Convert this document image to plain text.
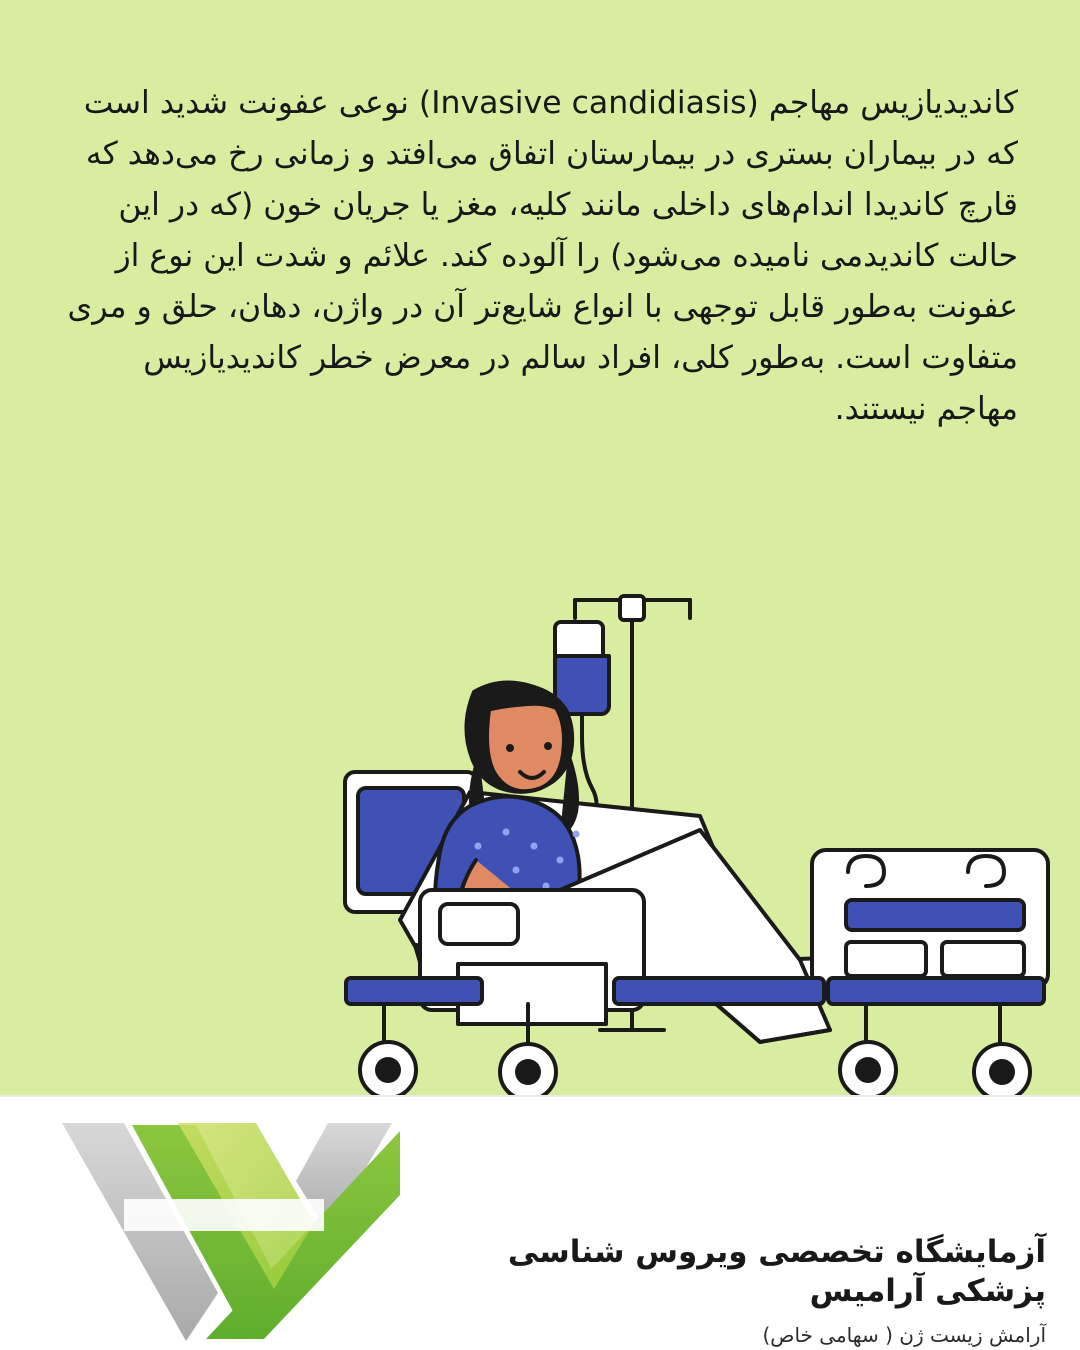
کاندیدیازیس مهاجم (Invasive candidiasis) نوعی عفونت شدید است که در بیماران بستری در بیمارستان اتفاق می‌افتد و زمانی رخ می‌دهد که قارچ کاندیدا اندام‌های داخلی مانند کلیه، مغز یا جریان خون (که در این حالت کاندیدمی نامیده می‌شود) را آلوده کند. علائم و شدت این نوع از عفونت به‌طور قابل توجهی با انواع شایع‌تر آن در واژن، دهان، حلق و مری متفاوت است. به‌طور کلی، افراد سالم در معرض خطر کاندیدیازیس مهاجم نیستند.
آزمایشگاه تخصصی ویروس شناسی پزشکی آرامیس
آرامش زیست ژن ( سهامی خاص)
